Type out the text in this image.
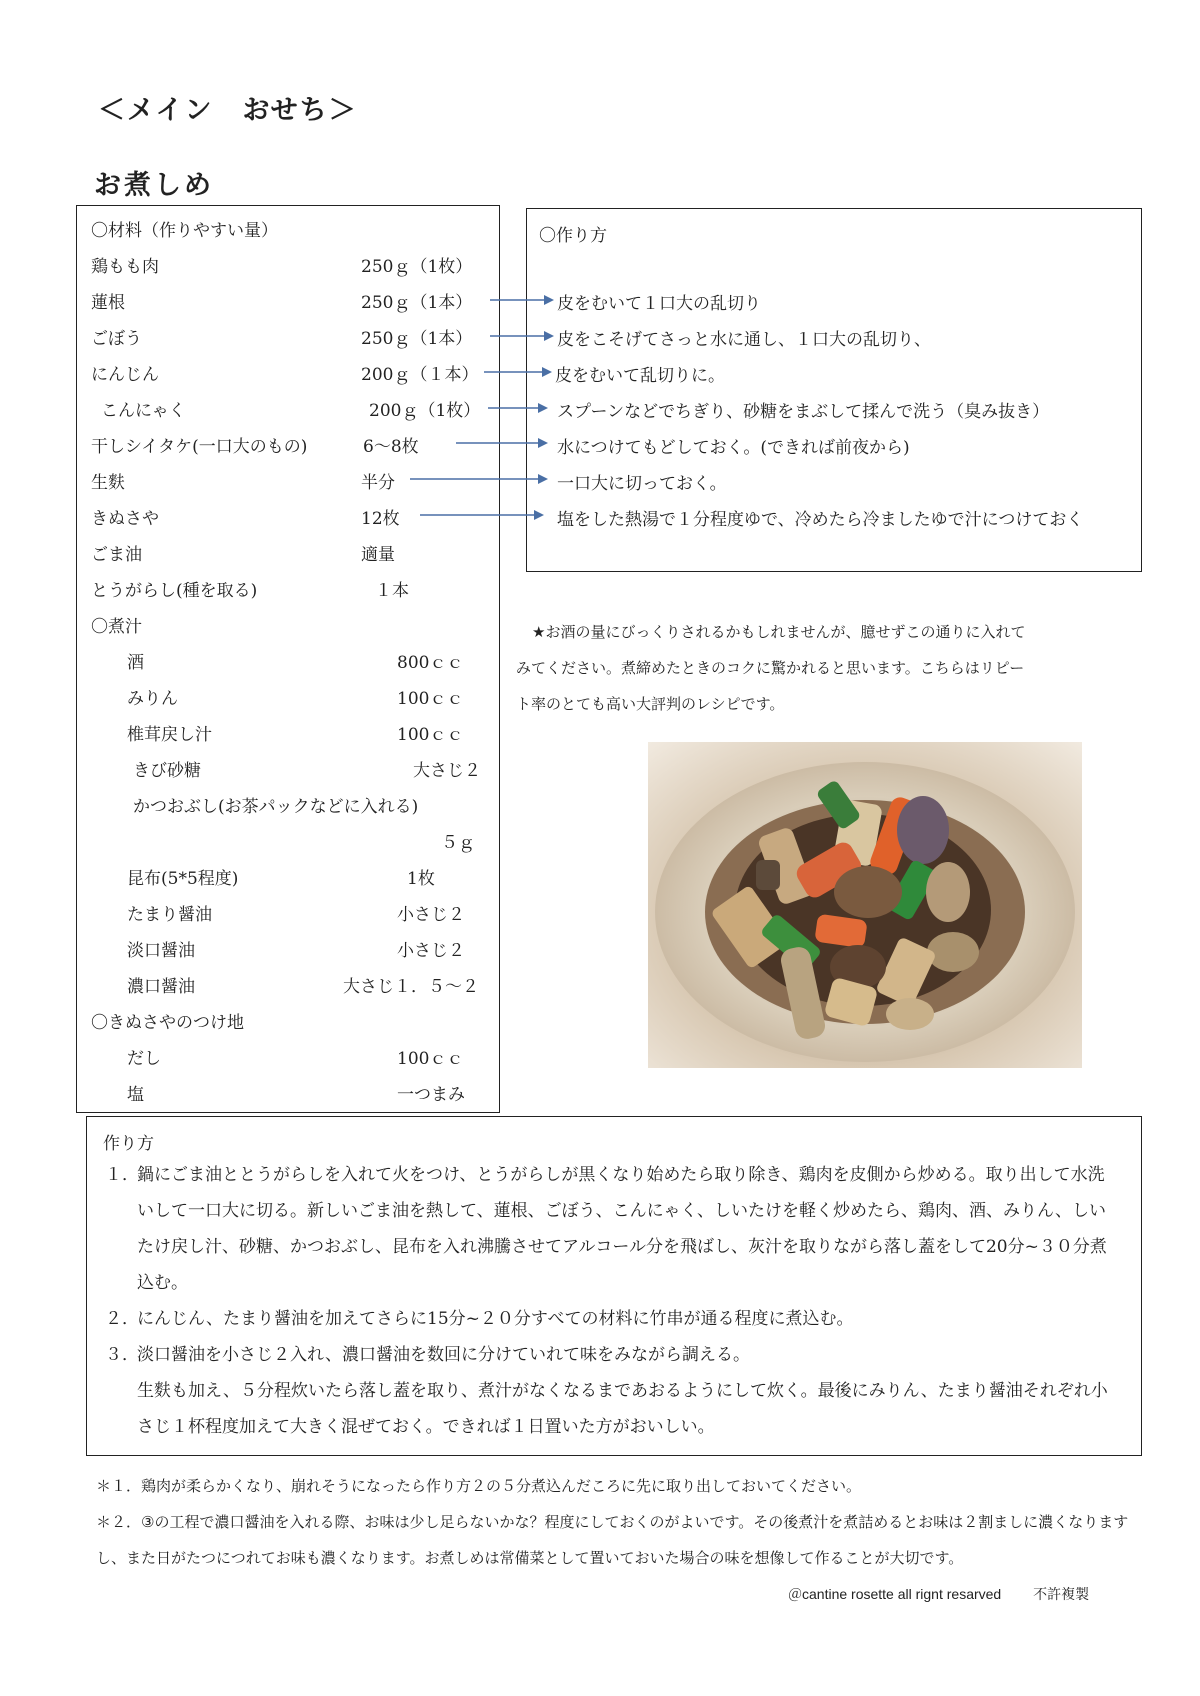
＜メイン　おせち＞
お煮しめ
〇材料（作りやすい量）
鶏もも肉	250ｇ（1枚）
蓮根	250ｇ（1本）
ごぼう	250ｇ（1本）
にんじん	200ｇ（１本）
こんにゃく	200ｇ（1枚）
干しシイタケ(一口大のもの)	6～8枚
生麩	半分
きぬさや	12枚
ごま油	適量
とうがらし(種を取る)	１本
〇煮汁
酒	800ｃｃ
みりん	100ｃｃ
椎茸戻し汁	100ｃｃ
きび砂糖	大さじ２
かつおぶし(お茶パックなどに入れる)
５ｇ
昆布(5*5程度)	1枚
たまり醤油	小さじ２
淡口醤油	小さじ２
濃口醤油	大さじ１．５～２
〇きぬさやのつけ地
だし	100ｃｃ
塩	一つまみ
〇作り方
皮をむいて１口大の乱切り
皮をこそげてさっと水に通し、１口大の乱切り、
皮をむいて乱切りに。
スプーンなどでちぎり、砂糖をまぶして揉んで洗う（臭み抜き）
水につけてもどしておく。(できれば前夜から)
一口大に切っておく。
塩をした熱湯で１分程度ゆで、冷めたら冷ましたゆで汁につけておく
★お酒の量にびっくりされるかもしれませんが、臆せずこの通りに入れて
みてください。煮締めたときのコクに驚かれると思います。こちらはリピー
ト率のとても高い大評判のレシピです。
作り方
１．
鍋にごま油ととうがらしを入れて火をつけ、とうがらしが黒くなり始めたら取り除き、鶏肉を皮側から炒める。取り出して水洗いして一口大に切る。新しいごま油を熱して、蓮根、ごぼう、こんにゃく、しいたけを軽く炒めたら、鶏肉、酒、みりん、しいたけ戻し汁、砂糖、かつおぶし、昆布を入れ沸騰させてアルコール分を飛ばし、灰汁を取りながら落し蓋をして20分~３０分煮込む。
２．
にんじん、たまり醤油を加えてさらに15分~２０分すべての材料に竹串が通る程度に煮込む。
３．
淡口醤油を小さじ２入れ、濃口醤油を数回に分けていれて味をみながら調える。
生麩も加え、５分程炊いたら落し蓋を取り、煮汁がなくなるまであおるようにして炊く。最後にみりん、たまり醤油それぞれ小さじ１杯程度加えて大きく混ぜておく。できれば１日置いた方がおいしい。
＊１．鶏肉が柔らかくなり、崩れそうになったら作り方２の５分煮込んだころに先に取り出しておいてください。
＊２．③の工程で濃口醤油を入れる際、お味は少し足らないかな？程度にしておくのがよいです。その後煮汁を煮詰めるとお味は２割ましに濃くなりますし、また日がたつにつれてお味も濃くなります。お煮しめは常備菜として置いておいた場合の味を想像して作ることが大切です。
＠cantine rosette all rignt resarved 不許複製
